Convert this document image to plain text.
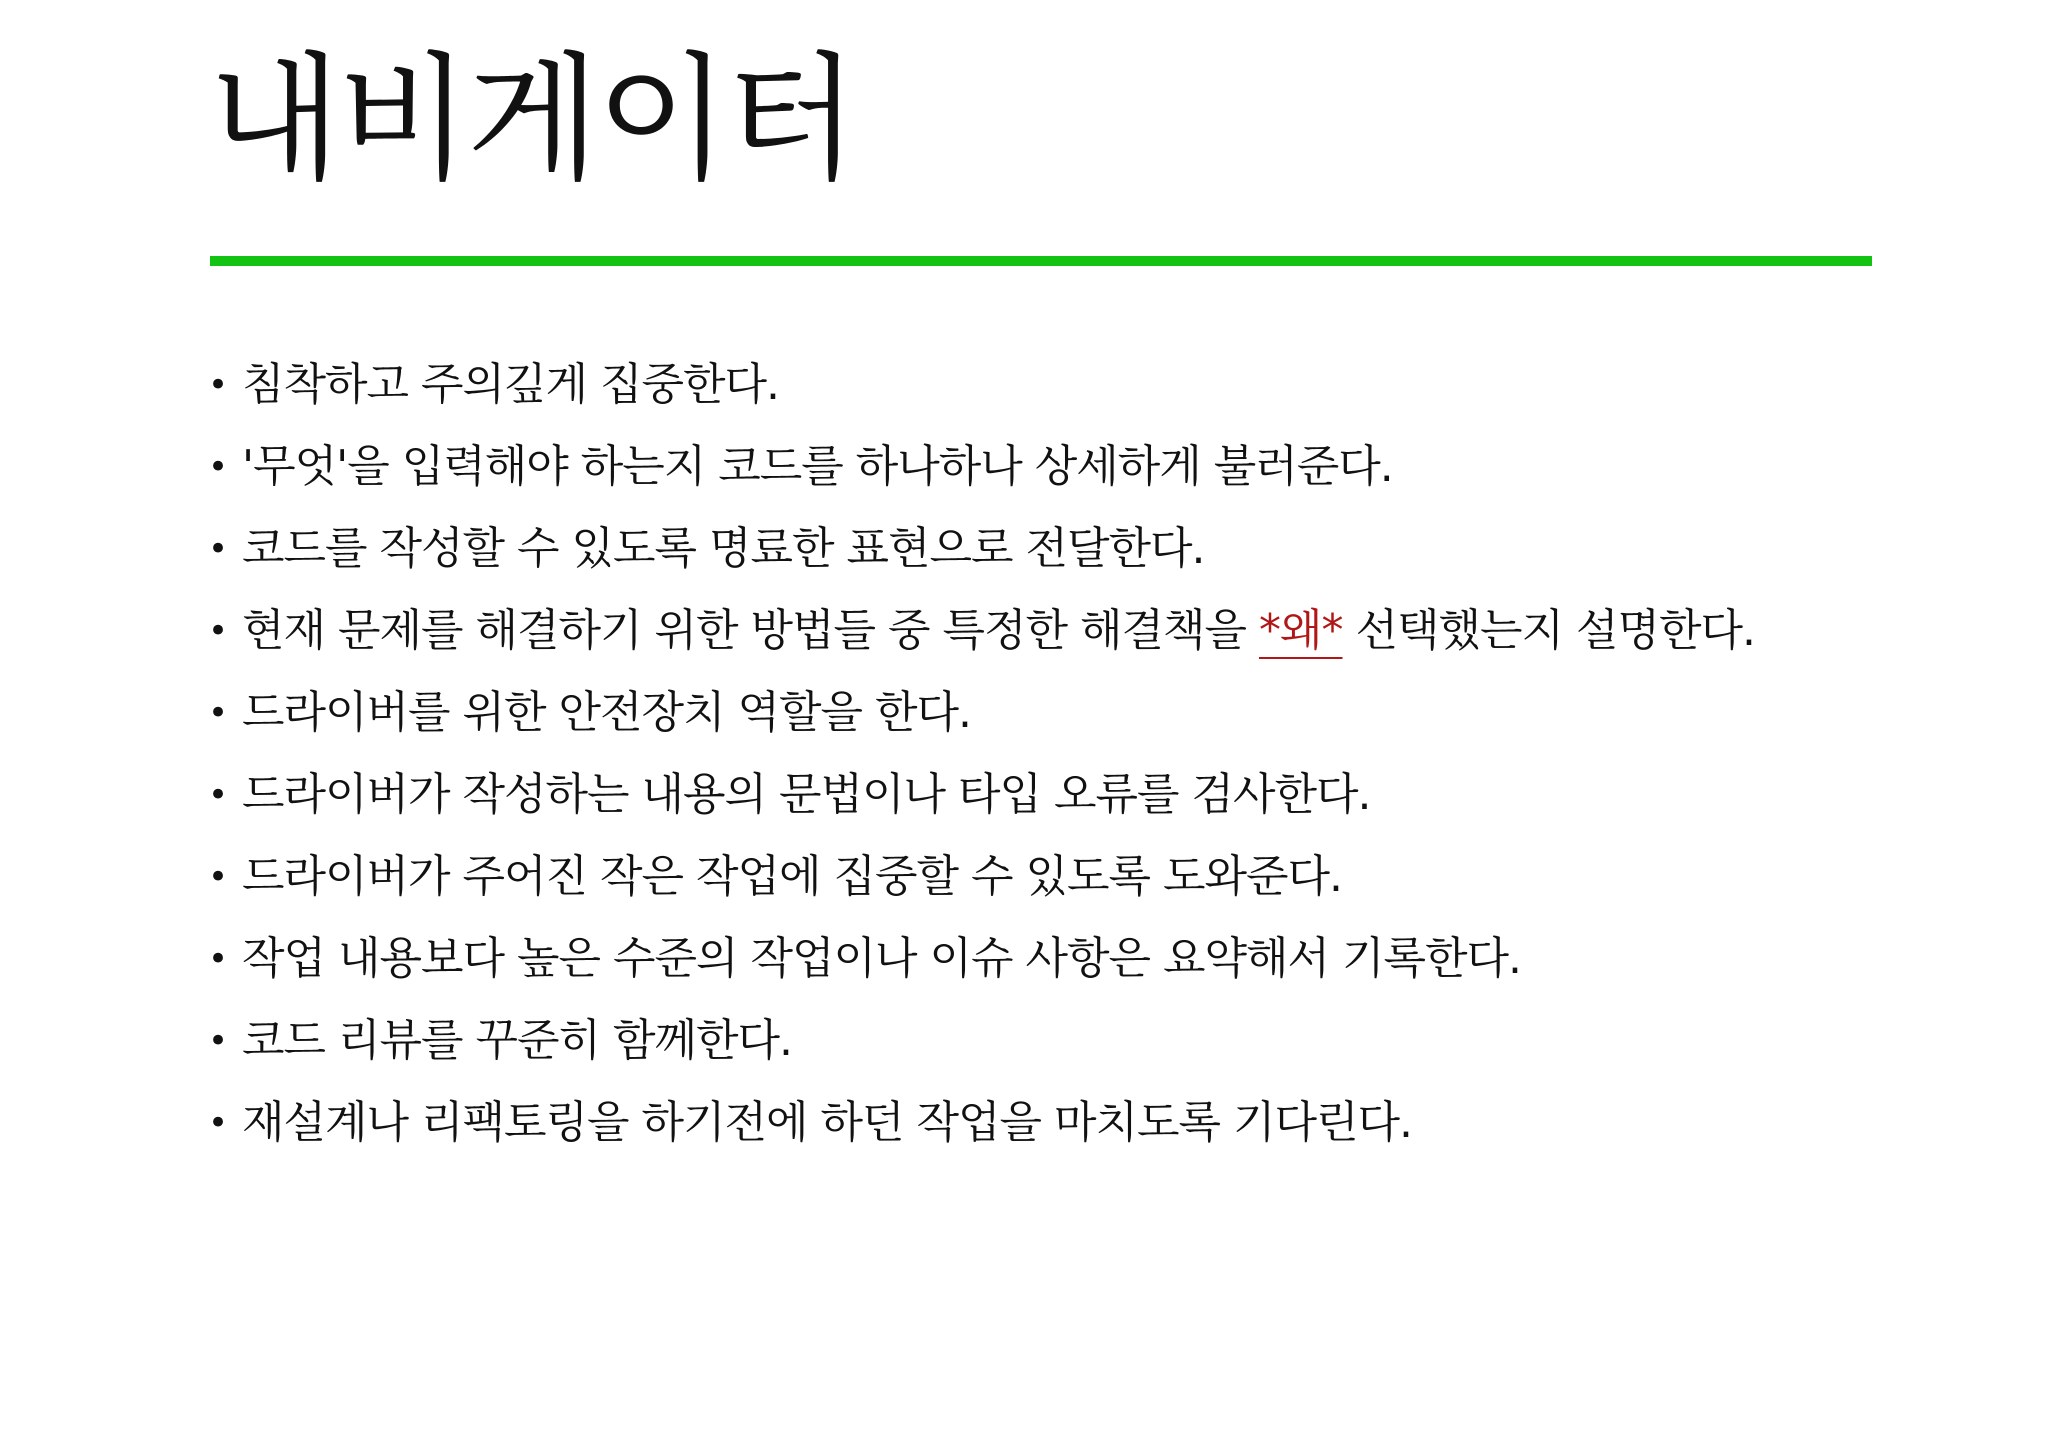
내비게이터
• 침착하고 주의깊게 집중한다.
• '무엇'을 입력해야 하는지 코드를 하나하나 상세하게 불러준다.
• 코드를 작성할 수 있도록 명료한 표현으로 전달한다.
• 현재 문제를 해결하기 위한 방법들 중 특정한 해결책을 *왜* 선택했는지 설명한다.
• 드라이버를 위한 안전장치 역할을 한다.
• 드라이버가 작성하는 내용의 문법이나 타입 오류를 검사한다.
• 드라이버가 주어진 작은 작업에 집중할 수 있도록 도와준다.
• 작업 내용보다 높은 수준의 작업이나 이슈 사항은 요약해서 기록한다.
• 코드 리뷰를 꾸준히 함께한다.
• 재설계나 리팩토링을 하기전에 하던 작업을 마치도록 기다린다.
